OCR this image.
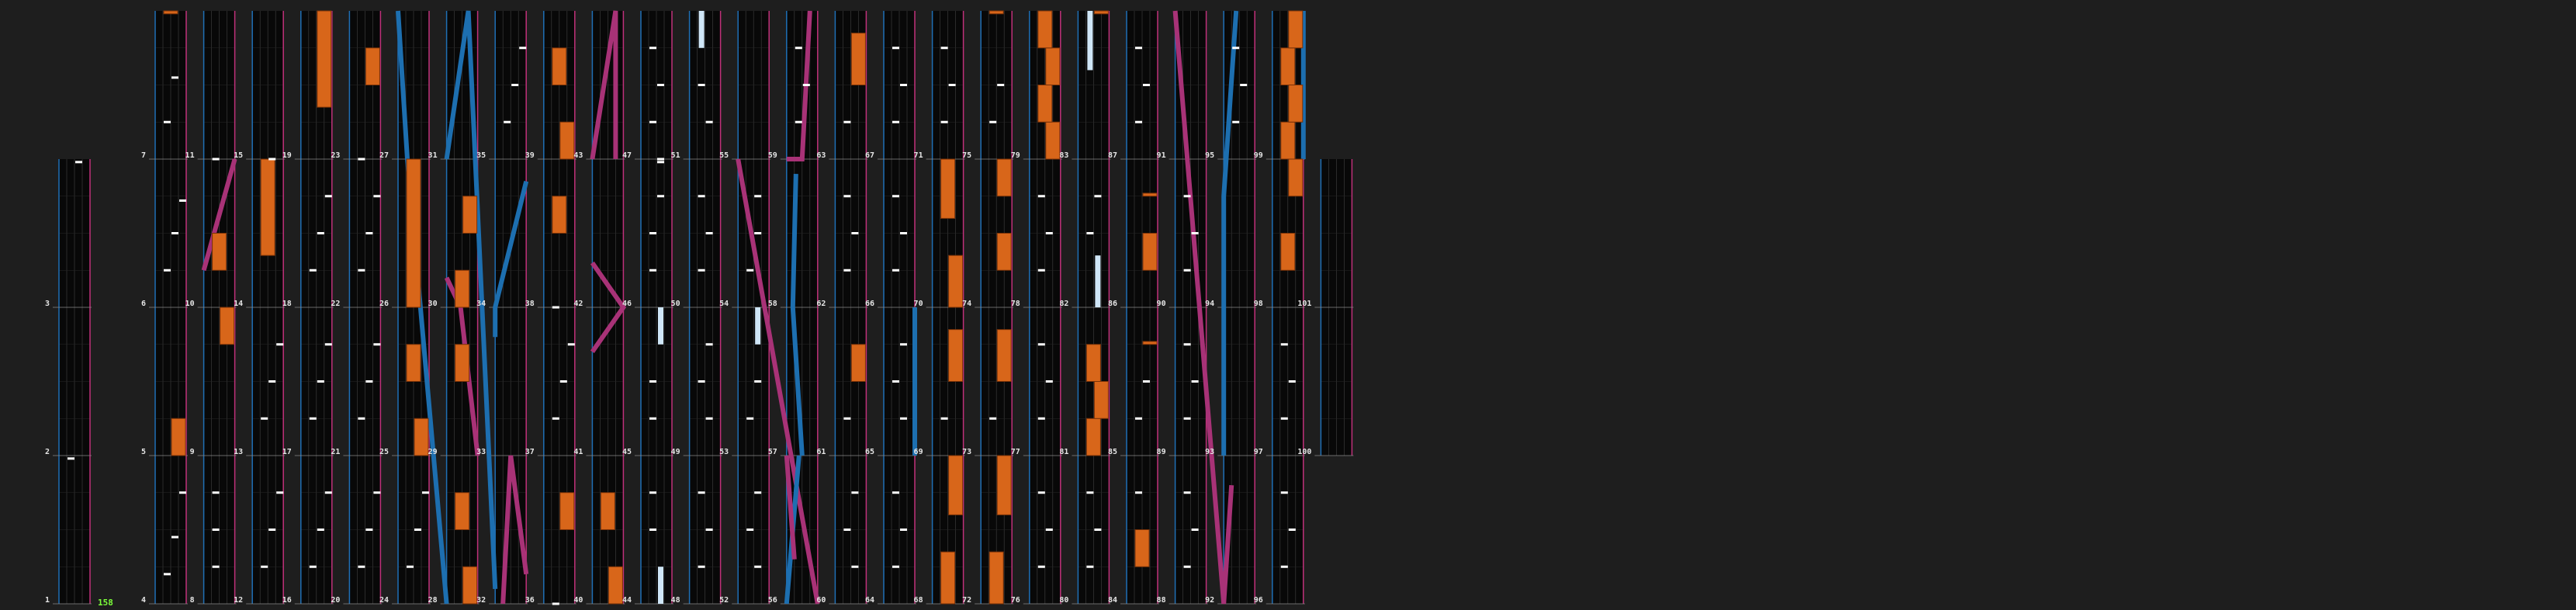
1
2
3
4
5
6
7
8
9
10
11
12
13
14
15
16
17
18
19
20
21
22
23
24
25
26
27
28
29
30
31
32
33
34
35
36
37
38
39
40
41
42
43
44
45
46
47
48
49
50
51
52
53
54
55
56
57
58
59
60
61
62
63
64
65
66
67
68
69
70
71
72
73
74
75
76
77
78
79
80
81
82
83
84
85
86
87
88
89
90
91
92
93
94
95
96
97
98
99
100
101
158
